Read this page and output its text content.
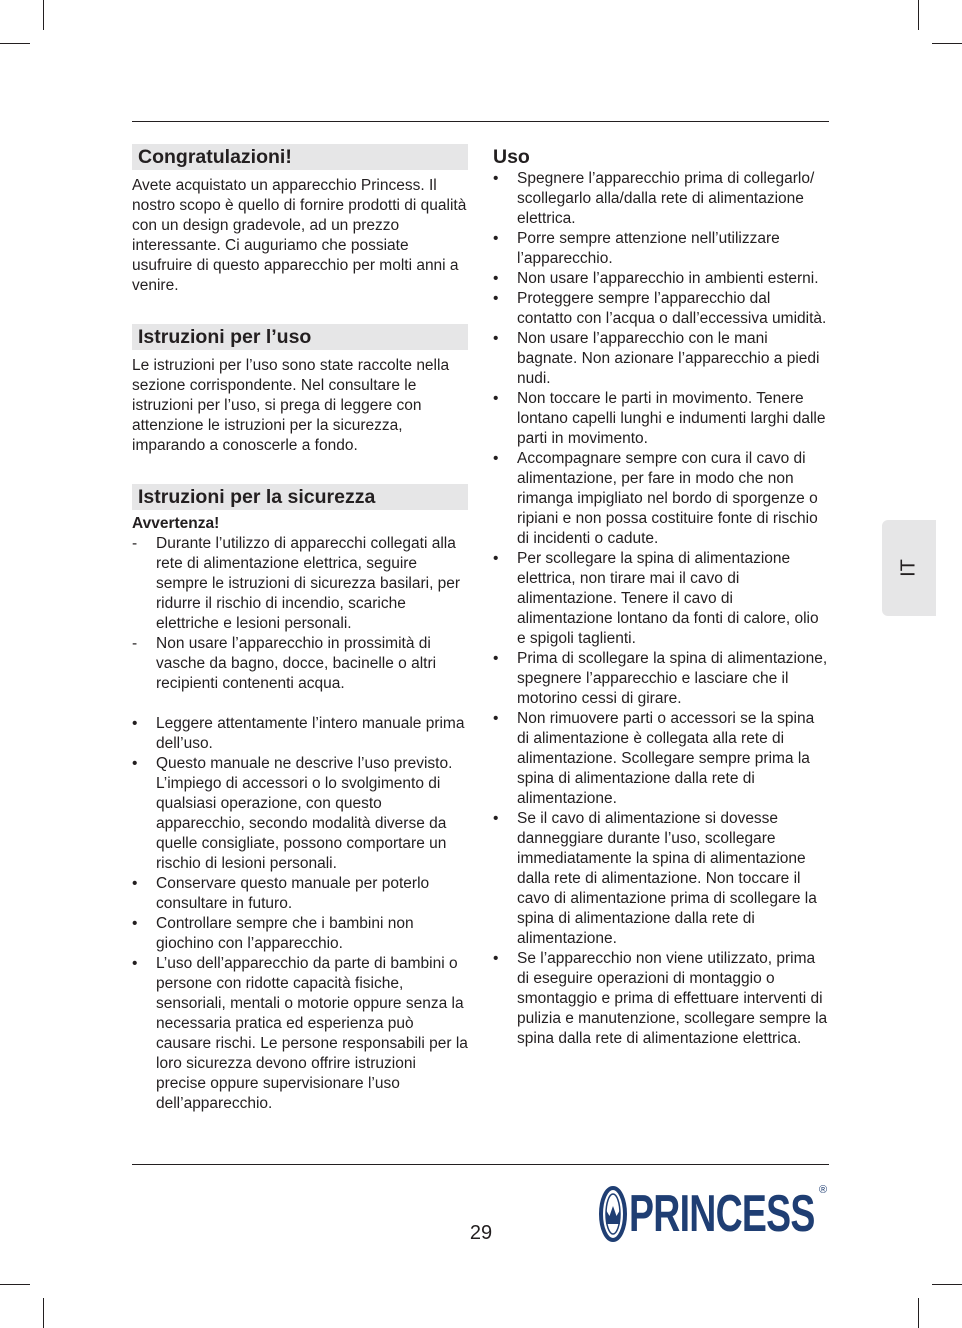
Congratulazioni!

Avete acquistato un apparecchio Princess. Il nostro scopo è quello di fornire prodotti di qualità con un design gradevole, ad un prezzo interessante. Ci auguriamo che possiate usufruire di questo apparecchio per molti anni a venire.

Istruzioni per l’uso

Le istruzioni per l’uso sono state raccolte nella sezione corrispondente. Nel consultare le istruzioni per l’uso, si prega di leggere con attenzione le istruzioni per la sicurezza, imparando a conoscerle a fondo.

Istruzioni per la sicurezza

Avvertenza!

- Durante l’utilizzo di apparecchi collegati alla rete di alimentazione elettrica, seguire sempre le istruzioni di sicurezza basilari, per ridurre il rischio di incendio, scariche elettriche e lesioni personali.
- Non usare l’apparecchio in prossimità di vasche da bagno, docce, bacinelle o altri recipienti contenenti acqua.
• Leggere attentamente l’intero manuale prima dell’uso.
• Questo manuale ne descrive l’uso previsto. L’impiego di accessori o lo svolgimento di qualsiasi operazione, con questo apparecchio, secondo modalità diverse da quelle consigliate, possono comportare un rischio di lesioni personali.
• Conservare questo manuale per poterlo consultare in futuro.
• Controllare sempre che i bambini non giochino con l’apparecchio.
• L’uso dell’apparecchio da parte di bambini o persone con ridotte capacità fisiche, sensoriali, mentali o motorie oppure senza la necessaria pratica ed esperienza può causare rischi. Le persone responsabili per la loro sicurezza devono offrire istruzioni precise oppure supervisionare l’uso dell’apparecchio.
Uso
• Spegnere l’apparecchio prima di collegarlo/ scollegarlo alla/dalla rete di alimentazione elettrica.
• Porre sempre attenzione nell’utilizzare l’apparecchio.
• Non usare l’apparecchio in ambienti esterni.
• Proteggere sempre l’apparecchio dal contatto con l’acqua o dall’eccessiva umidità.
• Non usare l’apparecchio con le mani bagnate. Non azionare l’apparecchio a piedi nudi.
• Non toccare le parti in movimento. Tenere lontano capelli lunghi e indumenti larghi dalle parti in movimento.
• Accompagnare sempre con cura il cavo di alimentazione, per fare in modo che non rimanga impigliato nel bordo di sporgenze o ripiani e non possa costituire fonte di rischio di incidenti o cadute.
• Per scollegare la spina di alimentazione elettrica, non tirare mai il cavo di alimentazione. Tenere il cavo di alimentazione lontano da fonti di calore, olio e spigoli taglienti.
• Prima di scollegare la spina di alimentazione, spegnere l’apparecchio e lasciare che il motorino cessi di girare.
• Non rimuovere parti o accessori se la spina di alimentazione è collegata alla rete di alimentazione. Scollegare sempre prima la spina di alimentazione dalla rete di alimentazione.
• Se il cavo di alimentazione si dovesse danneggiare durante l’uso, scollegare immediatamente la spina di alimentazione dalla rete di alimentazione. Non toccare il cavo di alimentazione prima di scollegare la spina di alimentazione dalla rete di alimentazione.
• Se l’apparecchio non viene utilizzato, prima di eseguire operazioni di montaggio o smontaggio e prima di effettuare interventi di pulizia e manutenzione, scollegare sempre la spina dalla rete di alimentazione elettrica.
IT
29	PRINCESS ®
